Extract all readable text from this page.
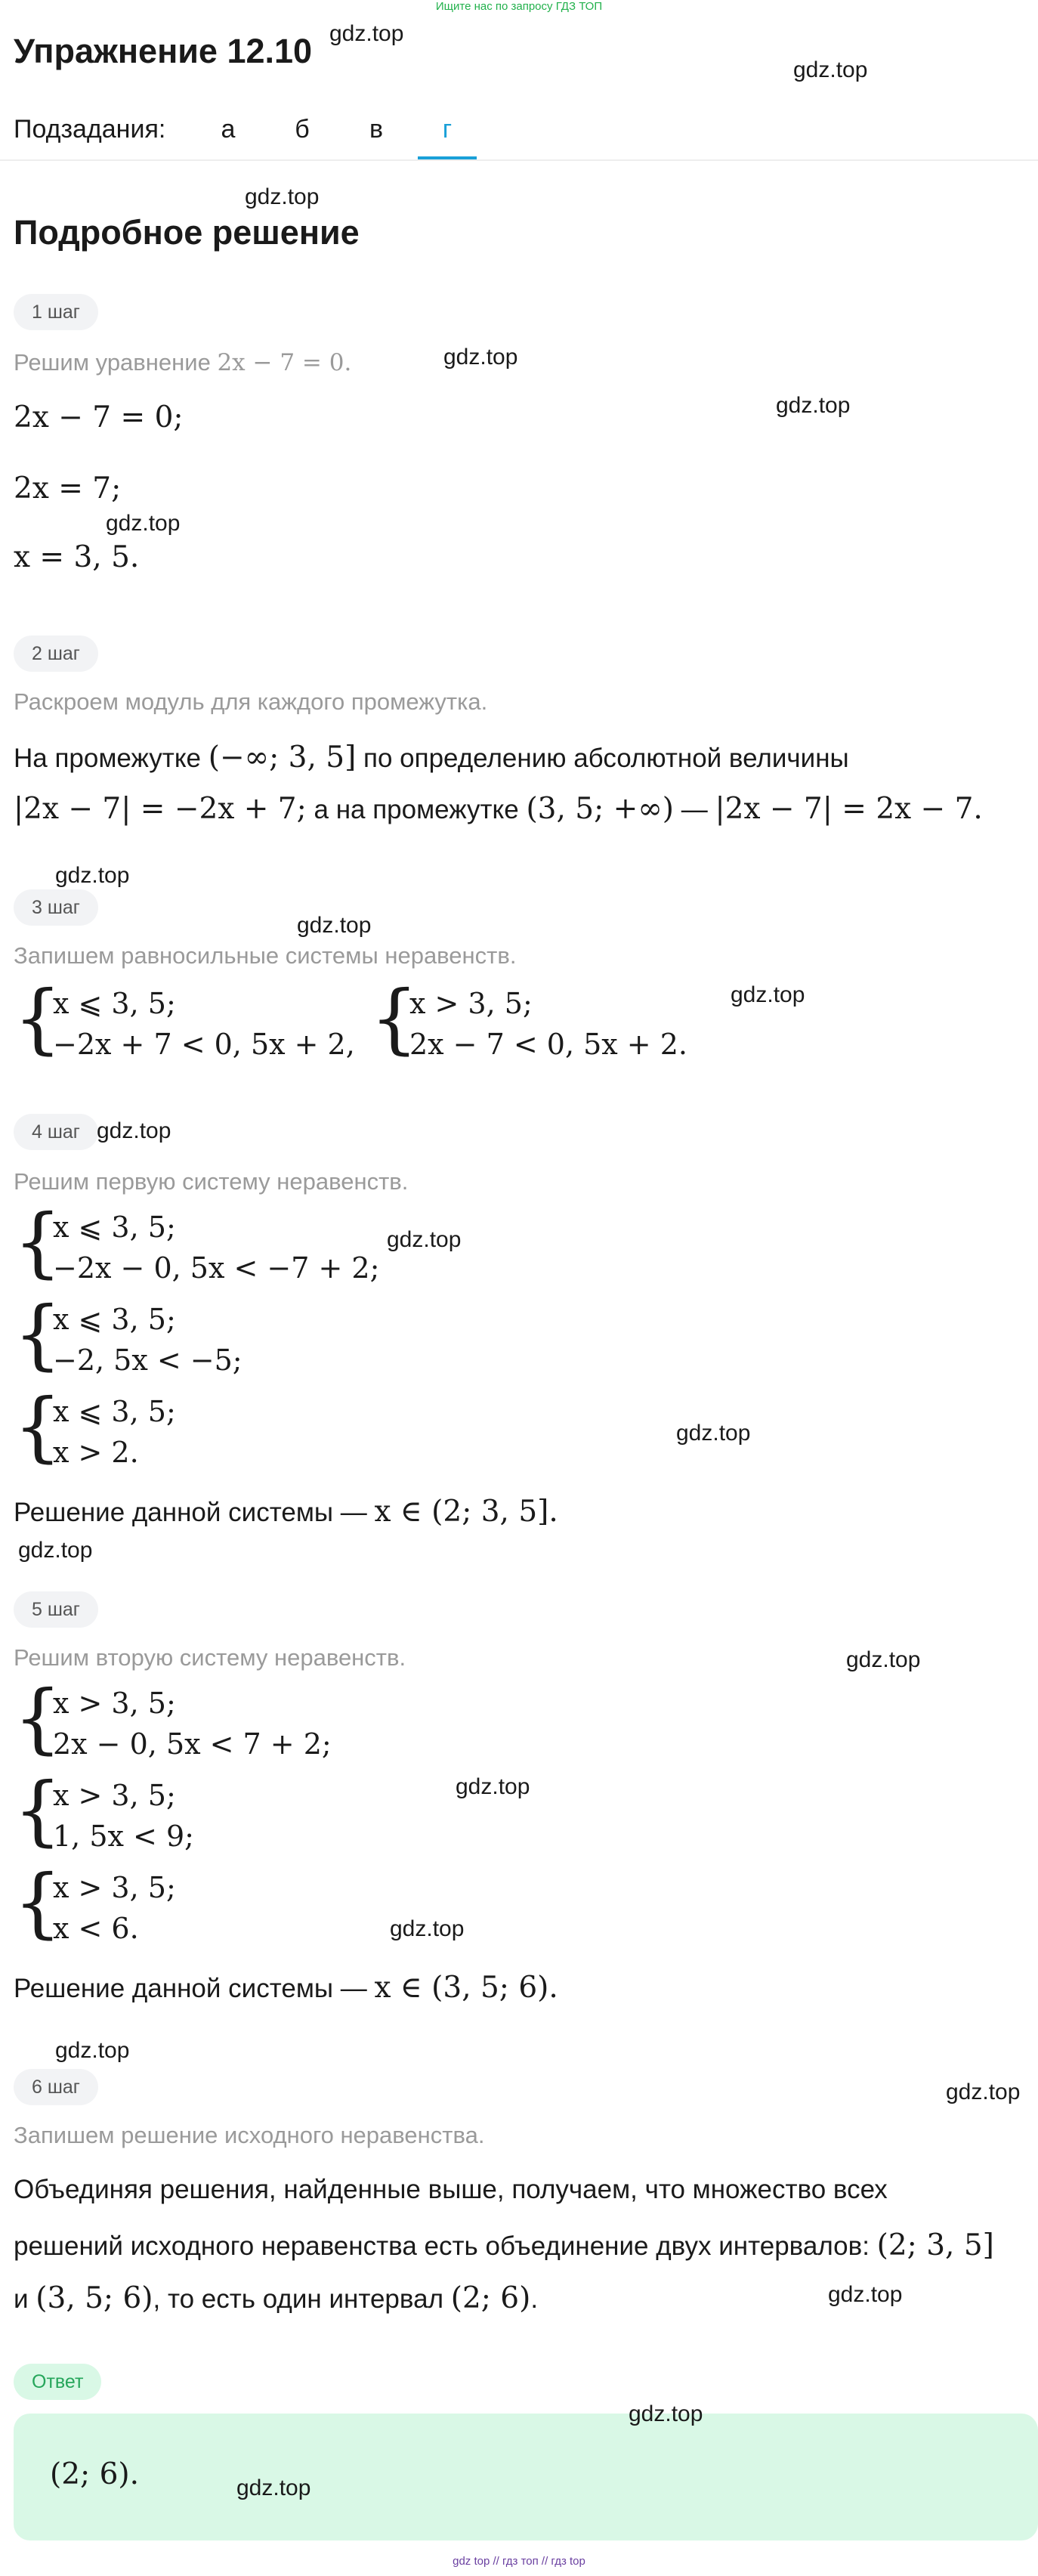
Ищите нас по запросу ГДЗ ТОП
Упражнение 12.10
Подзадания:	а	б	в	г
Подробное решение
1 шаг
Решим уравнение 2x − 7 = 0.
2x − 7 = 0;
2x = 7;
x = 3, 5.
2 шаг
Раскроем модуль для каждого промежутка.
На промежутке (−∞; 3, 5] по определению абсолютной величины
|2x − 7| = −2x + 7; а на промежутке (3, 5; +∞) — |2x − 7| = 2x − 7.
3 шаг
Запишем равносильные системы неравенств.
{
x ⩽ 3, 5;
−2x + 7 < 0, 5x + 2, {
x > 3, 5;
2x − 7 < 0, 5x + 2.
4 шаг
Решим первую систему неравенств.
{
x ⩽ 3, 5;
−2x − 0, 5x < −7 + 2;
{
x ⩽ 3, 5;
−2, 5x < −5;
{
x ⩽ 3, 5;
x > 2.
Решение данной системы — x ∈ (2; 3, 5].
5 шаг
Решим вторую систему неравенств.
{
x > 3, 5;
2x − 0, 5x < 7 + 2;
{
x > 3, 5;
1, 5x < 9;
{
x > 3, 5;
x < 6.
Решение данной системы — x ∈ (3, 5; 6).
6 шаг
Запишем решение исходного неравенства.
Объединяя решения, найденные выше, получаем, что множество всех
решений исходного неравенства есть объединение двух интервалов: (2; 3, 5]
и (3, 5; 6), то есть один интервал (2; 6).
Ответ
(2; 6).
gdz.top
gdz.top
gdz.top
gdz.top
gdz.top
gdz.top
gdz.top
gdz.top
gdz.top
gdz.top
gdz.top
gdz.top
gdz.top
gdz.top
gdz.top
gdz.top
gdz.top
gdz.top
gdz.top
gdz.top
gdz.top
gdz top // гдз топ // гдз top
